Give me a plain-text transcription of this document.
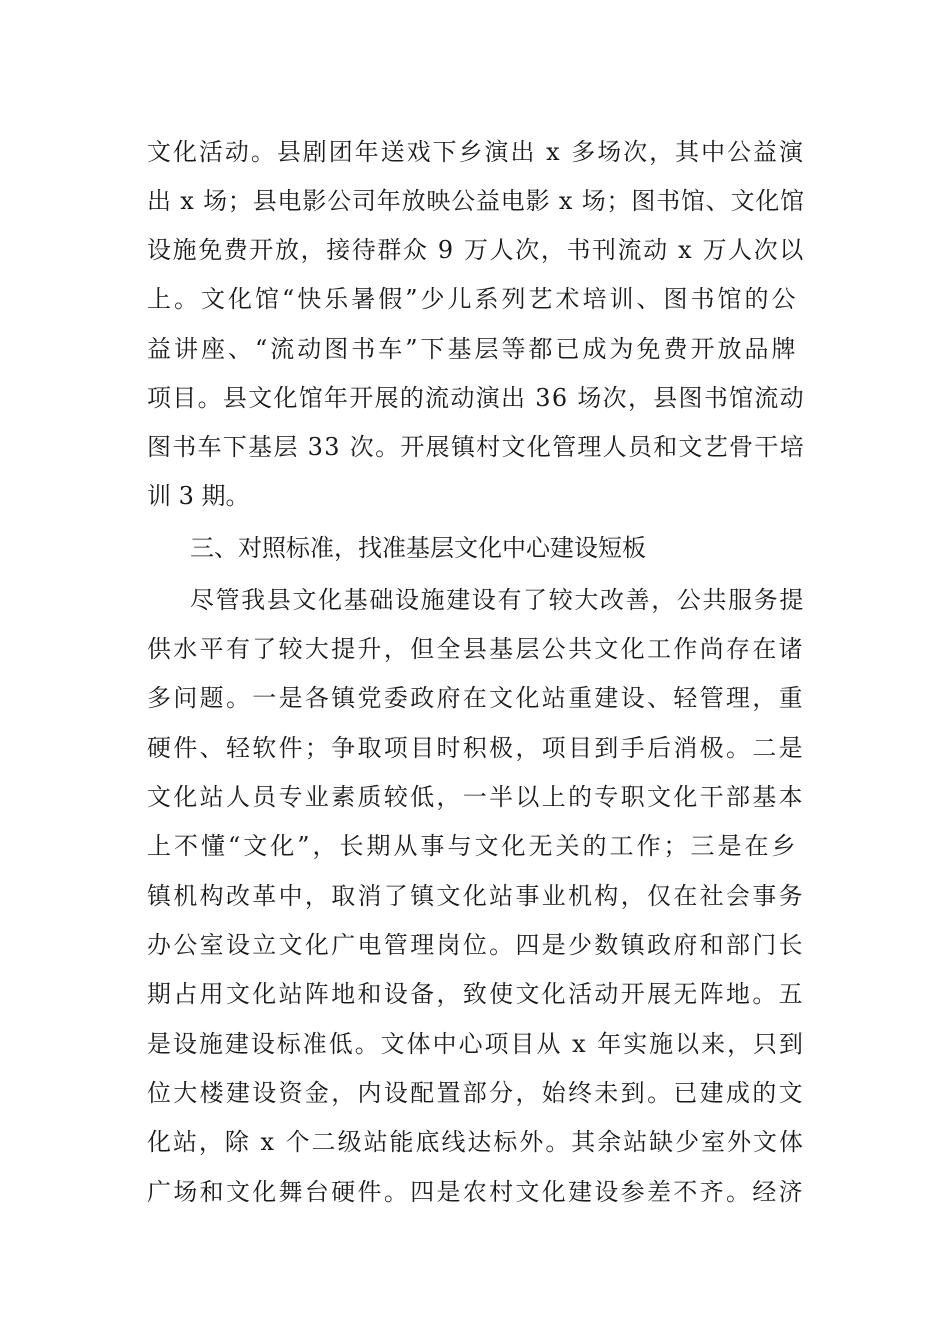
文化活动。县剧团年送戏下乡演出 x 多场次，其中公益演
出 x 场；县电影公司年放映公益电影 x 场；图书馆、文化馆
设施免费开放，接待群众 9 万人次，书刊流动 x 万人次以
上。文化馆“快乐暑假”少儿系列艺术培训、图书馆的公
益讲座、“流动图书车”下基层等都已成为免费开放品牌
项目。县文化馆年开展的流动演出 36 场次，县图书馆流动
图书车下基层 33 次。开展镇村文化管理人员和文艺骨干培
训 3 期。
三、对照标准，找准基层文化中心建设短板
尽管我县文化基础设施建设有了较大改善，公共服务提
供水平有了较大提升，但全县基层公共文化工作尚存在诸
多问题。一是各镇党委政府在文化站重建设、轻管理，重
硬件、轻软件；争取项目时积极，项目到手后消极。二是
文化站人员专业素质较低，一半以上的专职文化干部基本
上不懂“文化”，长期从事与文化无关的工作；三是在乡
镇机构改革中，取消了镇文化站事业机构，仅在社会事务
办公室设立文化广电管理岗位。四是少数镇政府和部门长
期占用文化站阵地和设备，致使文化活动开展无阵地。五
是设施建设标准低。文体中心项目从 x 年实施以来，只到
位大楼建设资金，内设配置部分，始终未到。已建成的文
化站，除 x 个二级站能底线达标外。其余站缺少室外文体
广场和文化舞台硬件。四是农村文化建设参差不齐。经济
